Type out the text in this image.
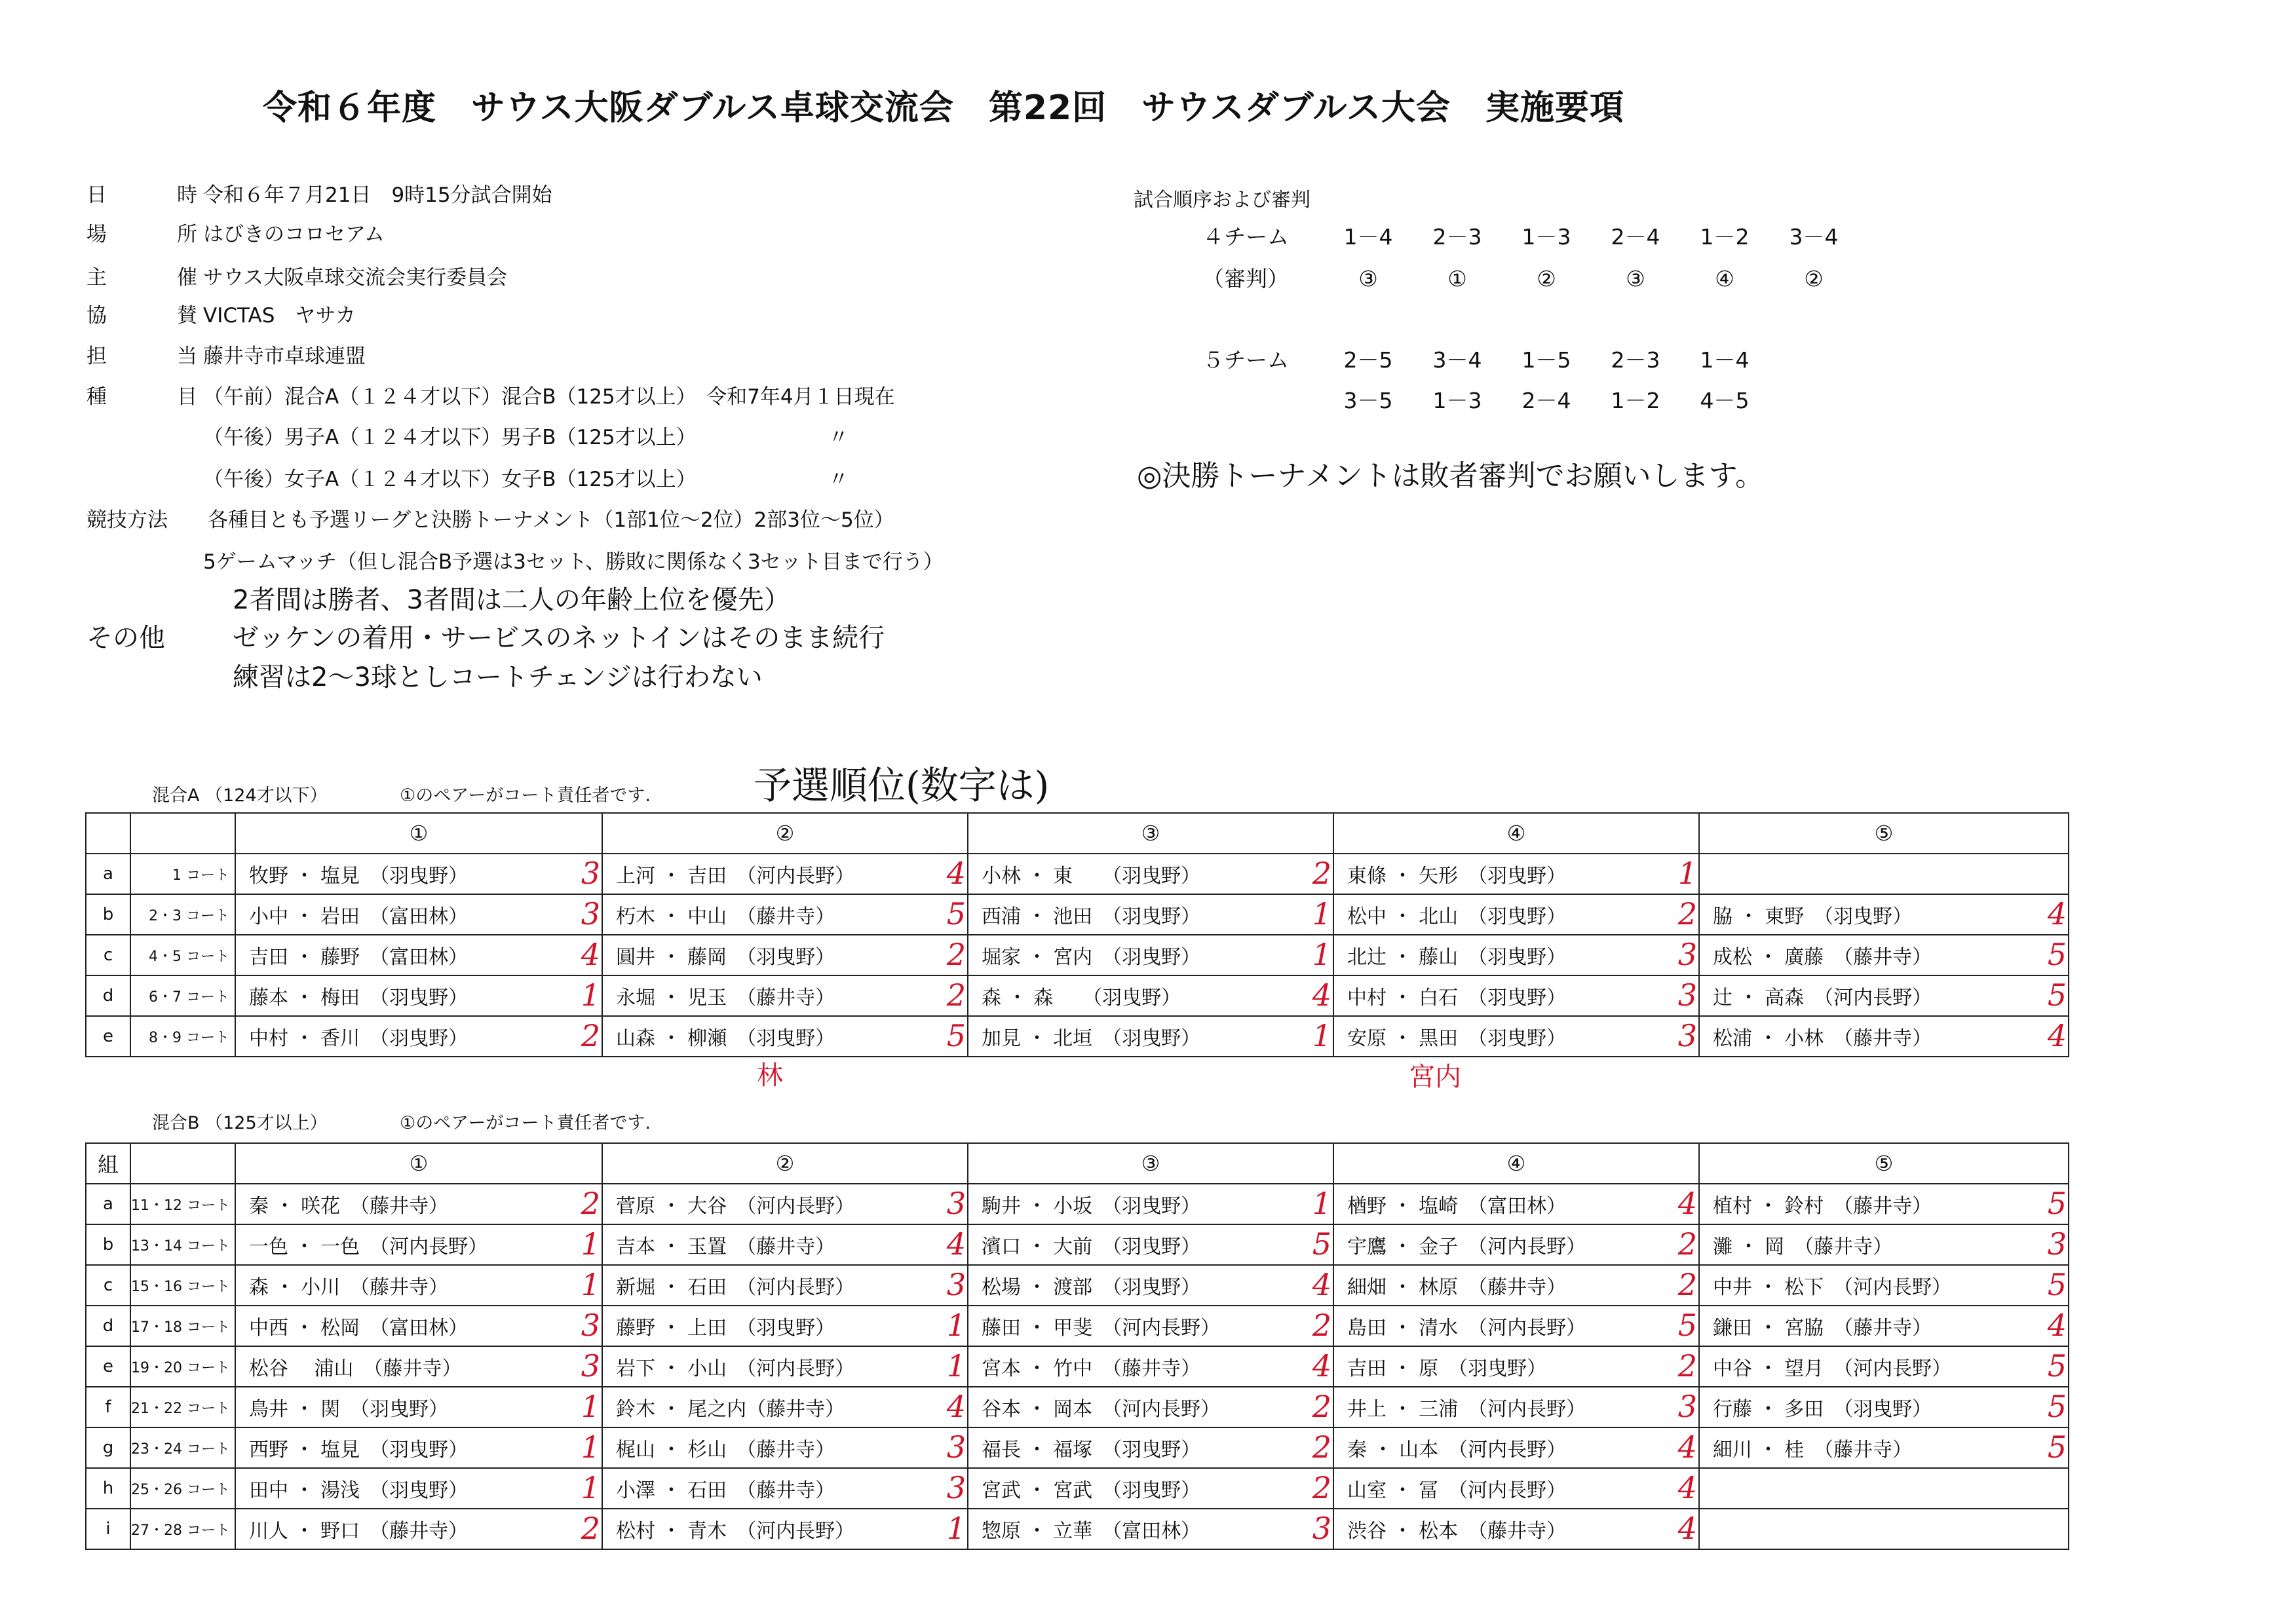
令和６年度　サウス大阪ダブルス卓球交流会　第22回　サウスダブルス大会　実施要項
日　時令和６年７月21日　9時15分試合開始
場　所はびきのコロセアム
主　催サウス大阪卓球交流会実行委員会
協　賛VICTAS　ヤサカ
担　当藤井寺市卓球連盟
種　目（午前）混合A（１２４才以下）混合B（125才以上）　令和7年4月１日現在
（午後）男子A（１２４才以下）男子B（125才以上）　　　　　　　〃
（午後）女子A（１２４才以下）女子B（125才以上）　　　　　　　〃
競技方法 各種目とも予選リーグと決勝トーナメント（1部1位～2位）2部3位～5位）
5ゲームマッチ（但し混合B予選は3セット、勝敗に関係なく3セット目まで行う）
2者間は勝者、3者間は二人の年齢上位を優先）
その他	ゼッケンの着用・サービスのネットインはそのまま続行
練習は2～3球としコートチェンジは行わない
試合順序および審判
４チーム	1－4 2－3 1－3 2－4 1－2 3－4
（審判）	③	①	②	③	④	②
５チーム	2－5 3－4 1－5 2－3 1－4
3－5 1－3 2－4 1－2 4－5
◎決勝トーナメントは敗者審判でお願いします。
混合A （124才以下）	①のペアーがコート責任者です.	予選順位(数字は)
		①	②	③	④	⑤
a	1 コート	牧野 ・ 塩見　（羽曳野） 3	上河 ・ 吉田　（河内長野） 4	小林 ・ 東　　（羽曳野） 2	東條 ・ 矢形　（羽曳野） 1	

b	2・3 コート	小中 ・ 岩田　（富田林） 3	朽木 ・ 中山　（藤井寺） 5	西浦 ・ 池田　（羽曳野） 1	松中 ・ 北山　（羽曳野） 2	脇 ・ 東野　（羽曳野） 4

c	4・5 コート	吉田 ・ 藤野　（富田林） 4	圓井 ・ 藤岡　（羽曳野） 2	堀家 ・ 宮内　（羽曳野） 1	北辻 ・ 藤山　（羽曳野） 3	成松 ・ 廣藤　（藤井寺） 5

d	6・7 コート	藤本 ・ 梅田　（羽曳野） 1	永堀 ・ 児玉　（藤井寺） 2	森 ・ 森　　（羽曳野） 4	中村 ・ 白石　（羽曳野） 3	辻 ・ 高森　（河内長野） 5

e	8・9 コート	中村 ・ 香川　（羽曳野） 2	山森 ・ 柳瀬　（羽曳野） 5	加見 ・ 北垣　（羽曳野） 1	安原 ・ 黒田　（羽曳野） 3	松浦 ・ 小林　（藤井寺） 4
林	宮内
混合B （125才以上）	①のペアーがコート責任者です.
組		①	②	③	④	⑤
a	11・12 コート	秦 ・ 咲花　（藤井寺） 2	菅原 ・ 大谷　（河内長野） 3	駒井 ・ 小坂　（羽曳野） 1	楢野 ・ 塩崎　（富田林） 4	植村 ・ 鈴村　（藤井寺） 5

b	13・14 コート	一色 ・ 一色　（河内長野） 1	吉本 ・ 玉置　（藤井寺） 4	濱口 ・ 大前　（羽曳野） 5	宇鷹 ・ 金子　（河内長野） 2	灘 ・ 岡　（藤井寺） 3

c	15・16 コート	森 ・ 小川　（藤井寺） 1	新堀 ・ 石田　（河内長野） 3	松場 ・ 渡部　（羽曳野） 4	細畑 ・ 林原　（藤井寺） 2	中井 ・ 松下　（河内長野） 5

d	17・18 コート	中西 ・ 松岡　（富田林） 3	藤野 ・ 上田　（羽曳野） 1	藤田 ・ 甲斐　（河内長野） 2	島田 ・ 清水　（河内長野） 5	鎌田 ・ 宮脇　（藤井寺） 4

e	19・20 コート	松谷 　浦山　（藤井寺） 3	岩下 ・ 小山　（河内長野） 1	宮本 ・ 竹中　（藤井寺） 4	吉田 ・ 原　（羽曳野） 2	中谷 ・ 望月　（河内長野） 5

f	21・22 コート	鳥井 ・ 関　（羽曳野） 1	鈴木 ・ 尾之内（藤井寺） 4	谷本 ・ 岡本　（河内長野） 2	井上 ・ 三浦　（河内長野） 3	行藤 ・ 多田　（羽曳野） 5

g	23・24 コート	西野 ・ 塩見　（羽曳野） 1	梶山 ・ 杉山　（藤井寺） 3	福長 ・ 福塚　（羽曳野） 2	秦 ・ 山本　（河内長野） 4	細川 ・ 桂　（藤井寺） 5

h	25・26 コート	田中 ・ 湯浅　（羽曳野） 1	小澤 ・ 石田　（藤井寺） 3	宮武 ・ 宮武　（羽曳野） 2	山室 ・ 冨　（河内長野） 4	

i	27・28 コート	川人 ・ 野口　（藤井寺） 2	松村 ・ 青木　（河内長野） 1	惣原 ・ 立華　（富田林） 3	渋谷 ・ 松本　（藤井寺） 4	
